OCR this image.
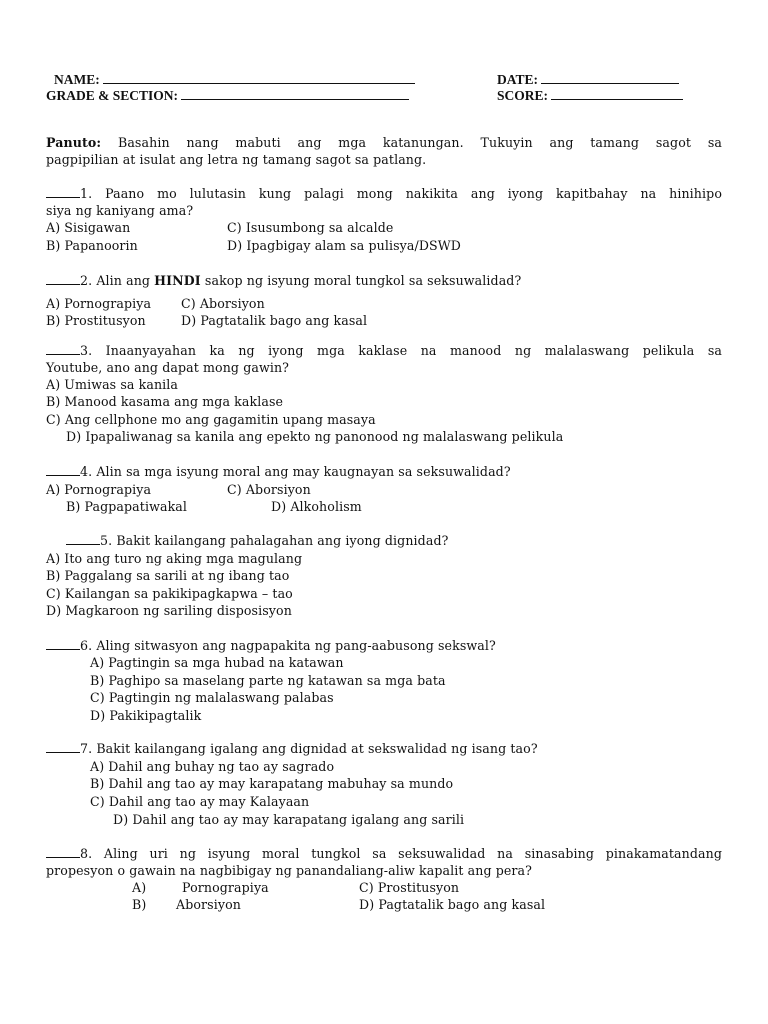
NAME:	DATE:
GRADE & SECTION:	SCORE:
Panuto: Basahin nang mabuti ang mga katanungan. Tukuyin ang tamang sagot sa
pagpipilian at isulat ang letra ng tamang sagot sa patlang.
1. Paano mo lulutasin kung palagi mong nakikita ang iyong kapitbahay na hinihipo
siya ng kaniyang ama?
A) Sisigawan	C) Isusumbong sa alcalde
B) Papanoorin	D) Ipagbigay alam sa pulisya/DSWD
2. Alin ang HINDI sakop ng isyung moral tungkol sa seksuwalidad?
A) Pornograpiya C) Aborsiyon
B) Prostitusyon	D) Pagtatalik bago ang kasal
3. Inaanyayahan ka ng iyong mga kaklase na manood ng malalaswang pelikula sa
Youtube, ano ang dapat mong gawin?
A) Umiwas sa kanila
B) Manood kasama ang mga kaklase
C) Ang cellphone mo ang gagamitin upang masaya
D) Ipapaliwanag sa kanila ang epekto ng panonood ng malalaswang pelikula
4. Alin sa mga isyung moral ang may kaugnayan sa seksuwalidad?
A) Pornograpiya	C) Aborsiyon
B) Pagpapatiwakal	D) Alkoholism
5. Bakit kailangang pahalagahan ang iyong dignidad?
A) Ito ang turo ng aking mga magulang
B) Paggalang sa sarili at ng ibang tao
C) Kailangan sa pakikipagkapwa – tao
D) Magkaroon ng sariling disposisyon
6. Aling sitwasyon ang nagpapakita ng pang-aabusong sekswal?
A) Pagtingin sa mga hubad na katawan
B) Paghipo sa maselang parte ng katawan sa mga bata
C) Pagtingin ng malalaswang palabas
D) Pakikipagtalik
7. Bakit kailangang igalang ang dignidad at sekswalidad ng isang tao?
A) Dahil ang buhay ng tao ay sagrado
B) Dahil ang tao ay may karapatang mabuhay sa mundo
C) Dahil ang tao ay may Kalayaan
D) Dahil ang tao ay may karapatang igalang ang sarili
8. Aling uri ng isyung moral tungkol sa seksuwalidad na sinasabing pinakamatandang
propesyon o gawain na nagbibigay ng panandaliang-aliw kapalit ang pera?
A)	Pornograpiya	C) Prostitusyon
B) Aborsiyon	D) Pagtatalik bago ang kasal
